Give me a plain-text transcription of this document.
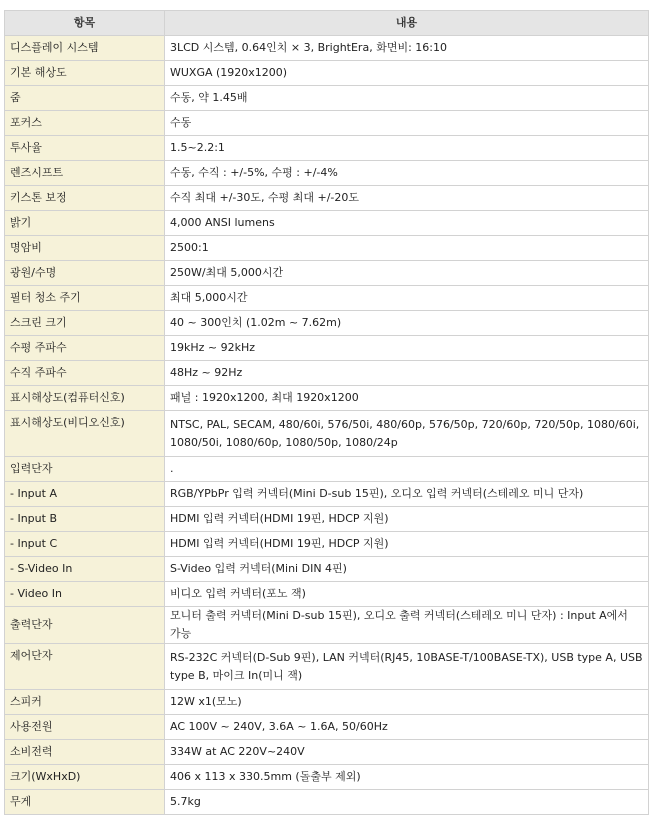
항목	내용
디스플레이 시스템	3LCD 시스템, 0.64인치 × 3, BrightEra, 화면비: 16:10
기본 해상도	WUXGA (1920x1200)
줌	수동, 약 1.45배
포커스	수동
투사율	1.5~2.2:1
렌즈시프트	수동, 수직 : +/-5%, 수평 : +/-4%
키스톤 보정	수직 최대 +/-30도, 수평 최대 +/-20도
밝기	4,000 ANSI lumens
명암비	2500:1
광원/수명	250W/최대 5,000시간
필터 청소 주기	최대 5,000시간
스크린 크기	40 ~ 300인치 (1.02m ~ 7.62m)
수평 주파수	19kHz ~ 92kHz
수직 주파수	48Hz ~ 92Hz
표시해상도(컴퓨터신호)	패널 : 1920x1200, 최대 1920x1200
표시해상도(비디오신호)	NTSC, PAL, SECAM, 480/60i, 576/50i, 480/60p, 576/50p, 720/60p, 720/50p, 1080/60i, 1080/50i, 1080/60p, 1080/50p, 1080/24p
입력단자	.
- Input A	RGB/YPbPr 입력 커넥터(Mini D-sub 15핀), 오디오 입력 커넥터(스테레오 미니 단자)
- Input B	HDMI 입력 커넥터(HDMI 19핀, HDCP 지원)
- Input C	HDMI 입력 커넥터(HDMI 19핀, HDCP 지원)
- S-Video In	S-Video 입력 커넥터(Mini DIN 4핀)
- Video In	비디오 입력 커넥터(포노 잭)
출력단자	모니터 출력 커넥터(Mini D-sub 15핀), 오디오 출력 커넥터(스테레오 미니 단자) : Input A에서 가능
제어단자	RS-232C 커넥터(D-Sub 9핀), LAN 커넥터(RJ45, 10BASE-T/100BASE-TX), USB type A, USB type B, 마이크 In(미니 잭)
스피커	12W x1(모노)
사용전원	AC 100V ~ 240V, 3.6A ~ 1.6A, 50/60Hz
소비전력	334W at AC 220V~240V
크기(WxHxD)	406 x 113 x 330.5mm (돌출부 제외)
무게	5.7kg
